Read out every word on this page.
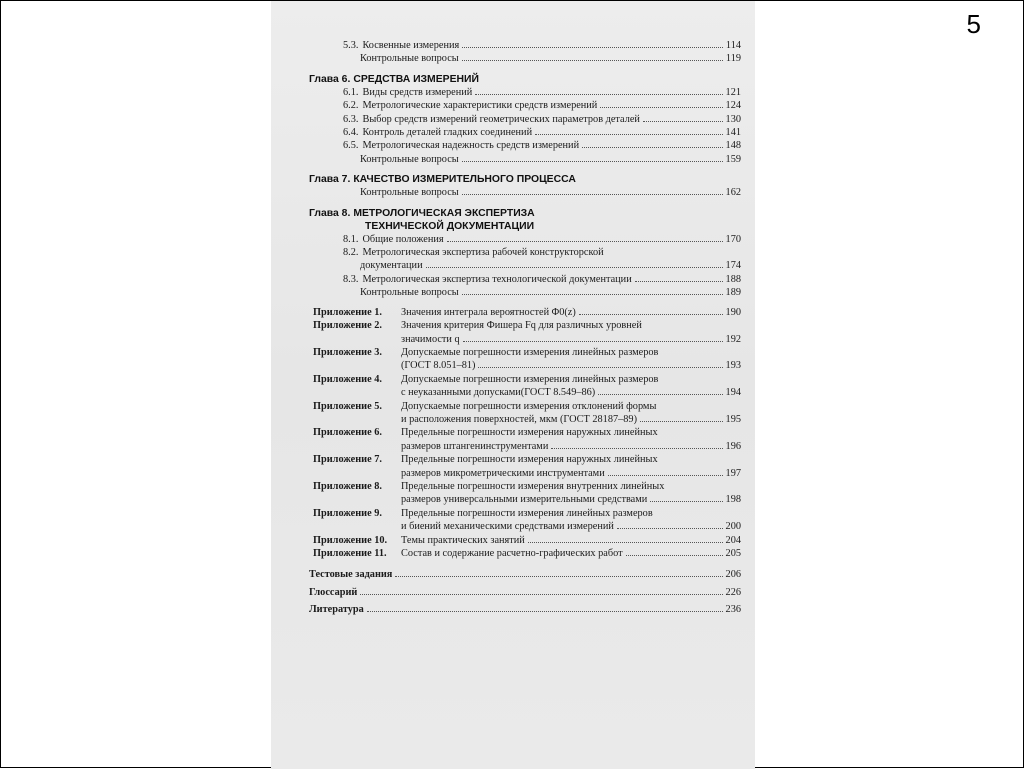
5
5.3. Косвенные измерения	114
Контрольные вопросы	119
Глава 6. СРЕДСТВА ИЗМЕРЕНИЙ
6.1. Виды средств измерений	121
6.2. Метрологические характеристики средств измерений	124
6.3. Выбор средств измерений геометрических параметров деталей	130
6.4. Контроль деталей гладких соединений	141
6.5. Метрологическая надежность средств измерений	148
Контрольные вопросы	159
Глава 7. КАЧЕСТВО ИЗМЕРИТЕЛЬНОГО ПРОЦЕССА
Контрольные вопросы	162
Глава 8. МЕТРОЛОГИЧЕСКАЯ ЭКСПЕРТИЗА
ТЕХНИЧЕСКОЙ ДОКУМЕНТАЦИИ
8.1. Общие положения	170
8.2. Метрологическая экспертиза рабочей конструкторской
документации	174
8.3. Метрологическая экспертиза технологической документации	188
Контрольные вопросы	189
Приложение 1.	Значения интеграла вероятностей Φ0(z)	190
Приложение 2.	Значения критерия Фишера Fq для различных уровней
значимости q	192
Приложение 3.	Допускаемые погрешности измерения линейных размеров
(ГОСТ 8.051–81)	193
Приложение 4.	Допускаемые погрешности измерения линейных размеров
с неуказанными допусками(ГОСТ 8.549–86)	194
Приложение 5.	Допускаемые погрешности измерения отклонений формы
и расположения поверхностей, мкм (ГОСТ 28187–89)	195
Приложение 6.	Предельные погрешности измерения наружных линейных
размеров штангенинструментами	196
Приложение 7.	Предельные погрешности измерения наружных линейных
размеров микрометрическими инструментами	197
Приложение 8.	Предельные погрешности измерения внутренних линейных
размеров универсальными измерительными средствами	198
Приложение 9.	Предельные погрешности измерения линейных размеров
и биений механическими средствами измерений	200
Приложение 10.	Темы практических занятий	204
Приложение 11.	Состав и содержание расчетно-графических работ	205
Тестовые задания	206
Глоссарий	226
Литература	236
